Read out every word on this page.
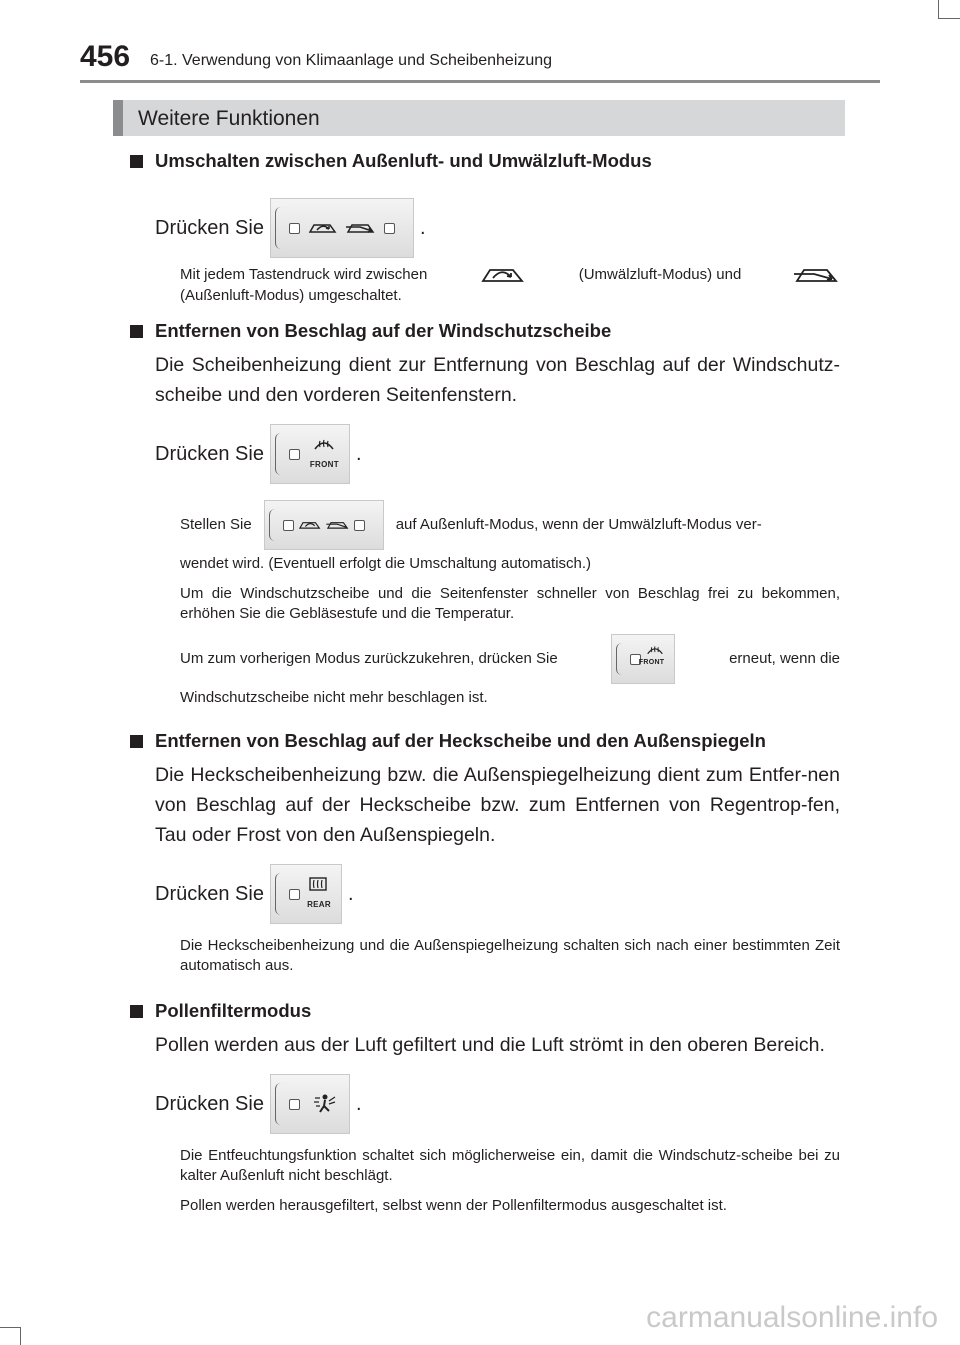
456 6-1. Verwendung von Klimaanlage und Scheibenheizung
Weitere Funktionen
Umschalten zwischen Außenluft- und Umwälzluft-Modus
Drücken Sie	.
Mit jedem Tastendruck wird zwischen	(Umwälzluft-Modus) und
(Außenluft-Modus) umgeschaltet.
Entfernen von Beschlag auf der Windschutzscheibe
Die Scheibenheizung dient zur Entfernung von Beschlag auf der Windschutz-scheibe und den vorderen Seitenfenstern.
Drücken Sie	FRONT .
Stellen Sie	auf Außenluft-Modus, wenn der Umwälzluft-Modus ver-
wendet wird. (Eventuell erfolgt die Umschaltung automatisch.)
Um die Windschutzscheibe und die Seitenfenster schneller von Beschlag frei zu bekommen, erhöhen Sie die Gebläsestufe und die Temperatur.
Um zum vorherigen Modus zurückzukehren, drücken Sie	FRONT	erneut, wenn die
Windschutzscheibe nicht mehr beschlagen ist.
Entfernen von Beschlag auf der Heckscheibe und den Außenspiegeln
Die Heckscheibenheizung bzw. die Außenspiegelheizung dient zum Entfer-nen von Beschlag auf der Heckscheibe bzw. zum Entfernen von Regentrop-fen, Tau oder Frost von den Außenspiegeln.
Drücken Sie	REAR .
Die Heckscheibenheizung und die Außenspiegelheizung schalten sich nach einer bestimmten Zeit automatisch aus.
Pollenfiltermodus
Pollen werden aus der Luft gefiltert und die Luft strömt in den oberen Bereich.
Drücken Sie	.
Die Entfeuchtungsfunktion schaltet sich möglicherweise ein, damit die Windschutz-scheibe bei zu kalter Außenluft nicht beschlägt.
Pollen werden herausgefiltert, selbst wenn der Pollenfiltermodus ausgeschaltet ist.
carmanualsonline.info
